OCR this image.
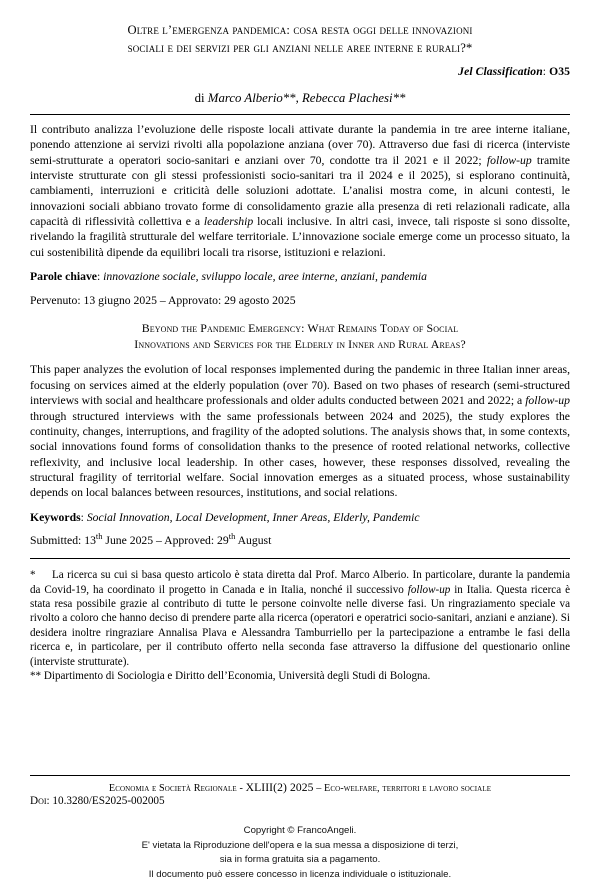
Oltre l’emergenza pandemica: cosa resta oggi delle innovazioni
sociali e dei servizi per gli anziani nelle aree interne e rurali?*
Jel Classification: O35
di Marco Alberio**, Rebecca Plachesi**

Il contributo analizza l’evoluzione delle risposte locali attivate durante la pandemia in tre aree interne italiane, ponendo attenzione ai servizi rivolti alla popolazione anziana (over 70). Attraverso due fasi di ricerca (interviste semi-strutturate a operatori socio-sanitari e anziani over 70, condotte tra il 2021 e il 2022; follow-up tramite interviste strutturate con gli stessi professionisti socio-sanitari tra il 2024 e il 2025), si esplorano continuità, cambiamenti, interruzioni e criticità delle soluzioni adottate. L’analisi mostra come, in alcuni contesti, le innovazioni sociali abbiano trovato forme di consolidamento grazie alla presenza di reti relazionali radicate, alla capacità di riflessività collettiva e a leadership locali inclusive. In altri casi, invece, tali risposte si sono dissolte, rivelando la fragilità strutturale del welfare territoriale. L’innovazione sociale emerge come un processo situato, la cui sostenibilità dipende da equilibri locali tra risorse, istituzioni e relazioni.

Parole chiave: innovazione sociale, sviluppo locale, aree interne, anziani, pandemia

Pervenuto: 13 giugno 2025 – Approvato: 29 agosto 2025

Beyond the Pandemic Emergency: What Remains Today of Social
Innovations and Services for the Elderly in Inner and Rural Areas?

This paper analyzes the evolution of local responses implemented during the pandemic in three Italian inner areas, focusing on services aimed at the elderly population (over 70). Based on two phases of research (semi-structured interviews with social and healthcare professionals and older adults conducted between 2021 and 2022; a follow-up through structured interviews with the same professionals between 2024 and 2025), the study explores the continuity, changes, interruptions, and fragility of the adopted solutions. The analysis shows that, in some contexts, social innovations found forms of consolidation thanks to the presence of rooted relational networks, collective reflexivity, and inclusive local leadership. In other cases, however, these responses dissolved, revealing the structural fragility of territorial welfare. Social innovation emerges as a situated process, whose sustainability depends on local balances between resources, institutions, and social relations.

Keywords: Social Innovation, Local Development, Inner Areas, Elderly, Pandemic

Submitted: 13th June 2025 – Approved: 29th August

*	La ricerca su cui si basa questo articolo è stata diretta dal Prof. Marco Alberio. In particolare, durante la pandemia da Covid-19, ha coordinato il progetto in Canada e in Italia, nonché il successivo follow-up in Italia. Questa ricerca è stata resa possibile grazie al contributo di tutte le persone coinvolte nelle diverse fasi. Un ringraziamento speciale va rivolto a coloro che hanno deciso di prendere parte alla ricerca (operatori e operatrici socio-sanitari, anziani e anziane). Si desidera inoltre ringraziare Annalisa Plava e Alessandra Tamburriello per la partecipazione a entrambe le fasi della ricerca e, in particolare, per il contributo offerto nella seconda fase attraverso la diffusione del questionario online (interviste strutturate).

** Dipartimento di Sociologia e Diritto dell’Economia, Università degli Studi di Bologna.

Economia e Società Regionale - XLIII(2) 2025 – Eco-welfare, territori e lavoro sociale
Doi: 10.3280/ES2025-002005
Copyright © FrancoAngeli.
E' vietata la Riproduzione dell'opera e la sua messa a disposizione di terzi,
sia in forma gratuita sia a pagamento.
Il documento può essere concesso in licenza individuale o istituzionale.
